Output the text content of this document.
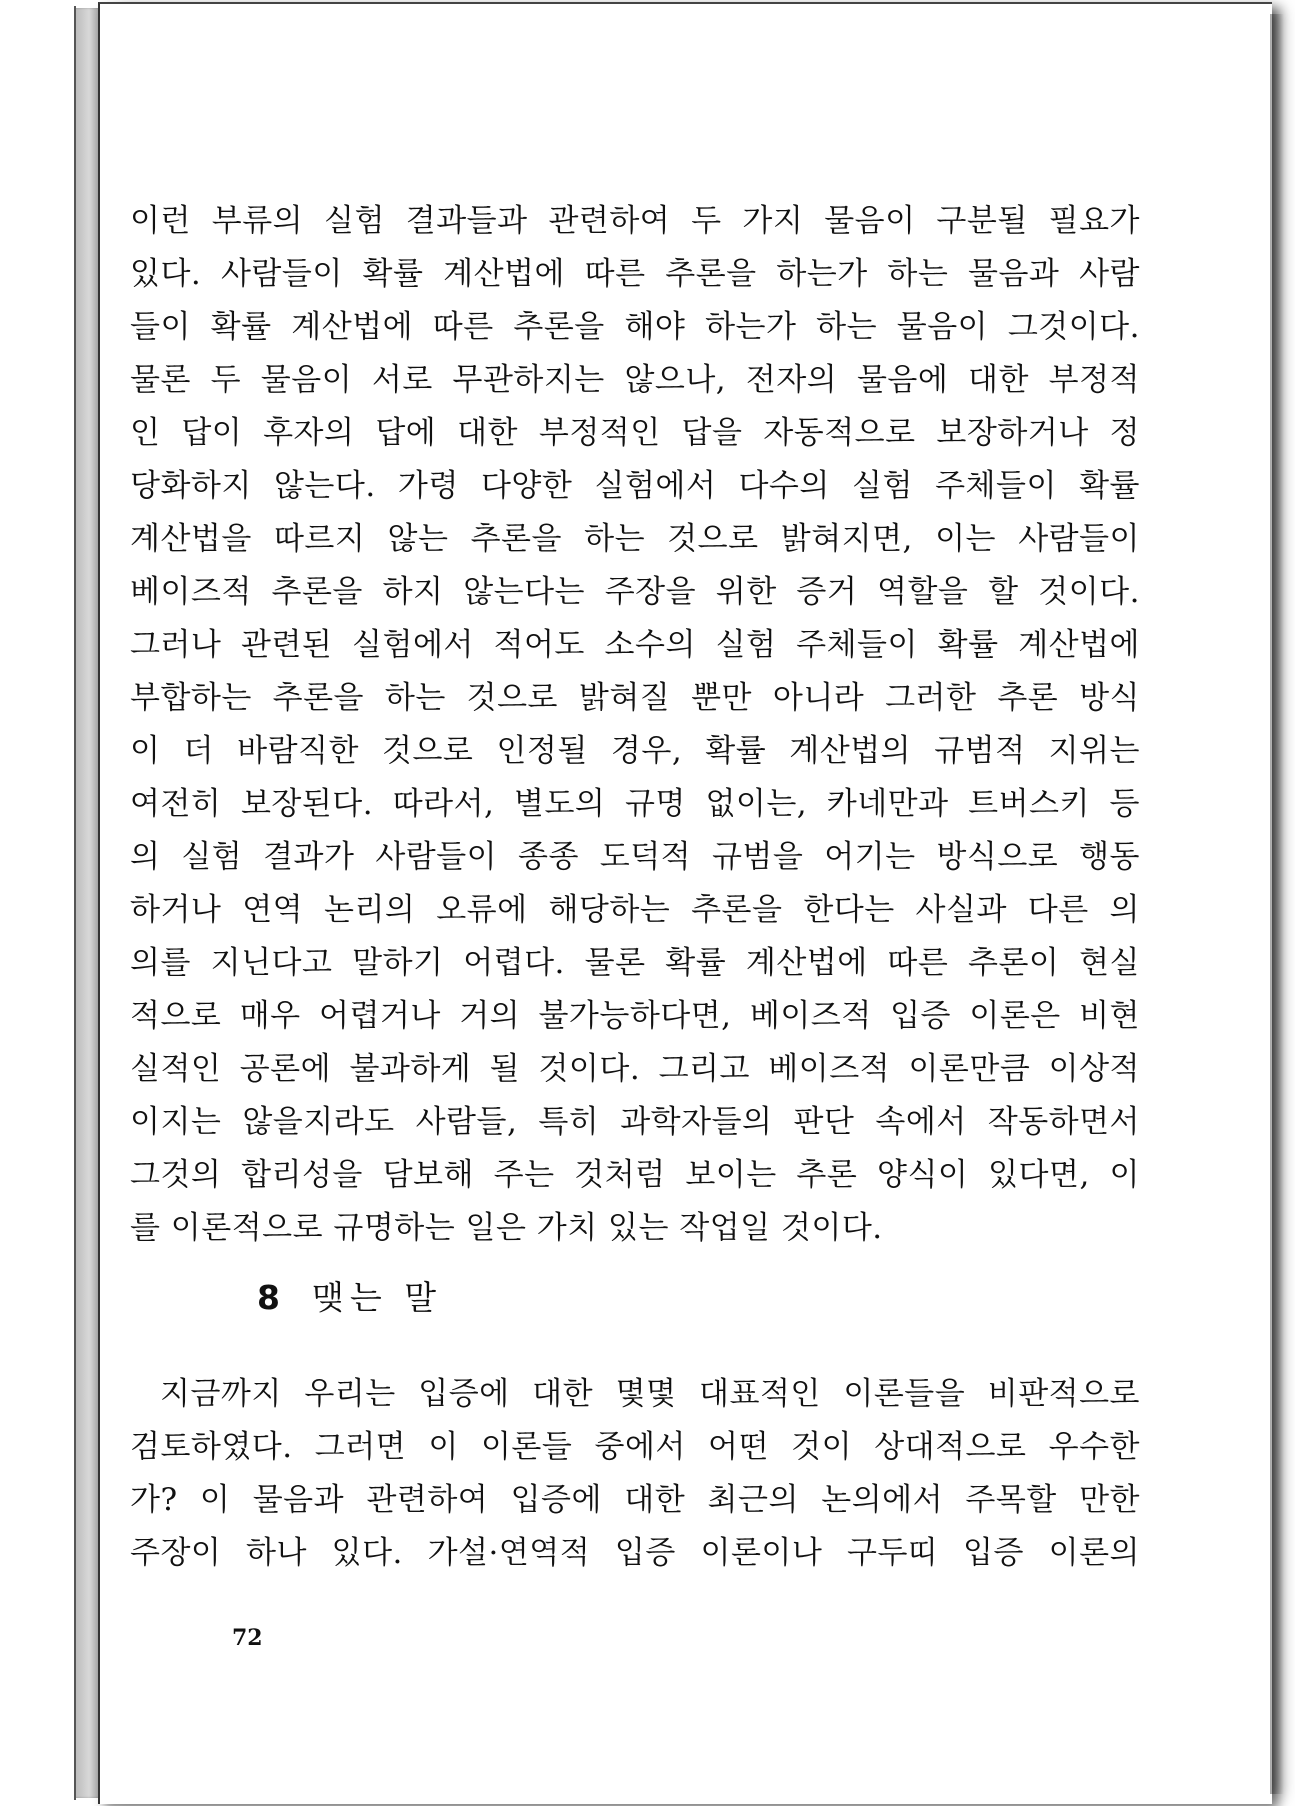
이런 부류의 실험 결과들과 관련하여 두 가지 물음이 구분될 필요가
있다. 사람들이 확률 계산법에 따른 추론을 하는가 하는 물음과 사람
들이 확률 계산법에 따른 추론을 해야 하는가 하는 물음이 그것이다.
물론 두 물음이 서로 무관하지는 않으나, 전자의 물음에 대한 부정적
인 답이 후자의 답에 대한 부정적인 답을 자동적으로 보장하거나 정
당화하지 않는다. 가령 다양한 실험에서 다수의 실험 주체들이 확률
계산법을 따르지 않는 추론을 하는 것으로 밝혀지면, 이는 사람들이
베이즈적 추론을 하지 않는다는 주장을 위한 증거 역할을 할 것이다.
그러나 관련된 실험에서 적어도 소수의 실험 주체들이 확률 계산법에
부합하는 추론을 하는 것으로 밝혀질 뿐만 아니라 그러한 추론 방식
이 더 바람직한 것으로 인정될 경우, 확률 계산법의 규범적 지위는
여전히 보장된다. 따라서, 별도의 규명 없이는, 카네만과 트버스키 등
의 실험 결과가 사람들이 종종 도덕적 규범을 어기는 방식으로 행동
하거나 연역 논리의 오류에 해당하는 추론을 한다는 사실과 다른 의
의를 지닌다고 말하기 어렵다. 물론 확률 계산법에 따른 추론이 현실
적으로 매우 어렵거나 거의 불가능하다면, 베이즈적 입증 이론은 비현
실적인 공론에 불과하게 될 것이다. 그리고 베이즈적 이론만큼 이상적
이지는 않을지라도 사람들, 특히 과학자들의 판단 속에서 작동하면서
그것의 합리성을 담보해 주는 것처럼 보이는 추론 양식이 있다면, 이
를 이론적으로 규명하는 일은 가치 있는 작업일 것이다.

8 맺는 말

지금까지 우리는 입증에 대한 몇몇 대표적인 이론들을 비판적으로
검토하였다. 그러면 이 이론들 중에서 어떤 것이 상대적으로 우수한
가? 이 물음과 관련하여 입증에 대한 최근의 논의에서 주목할 만한
주장이 하나 있다. 가설·연역적 입증 이론이나 구두띠 입증 이론의

72
